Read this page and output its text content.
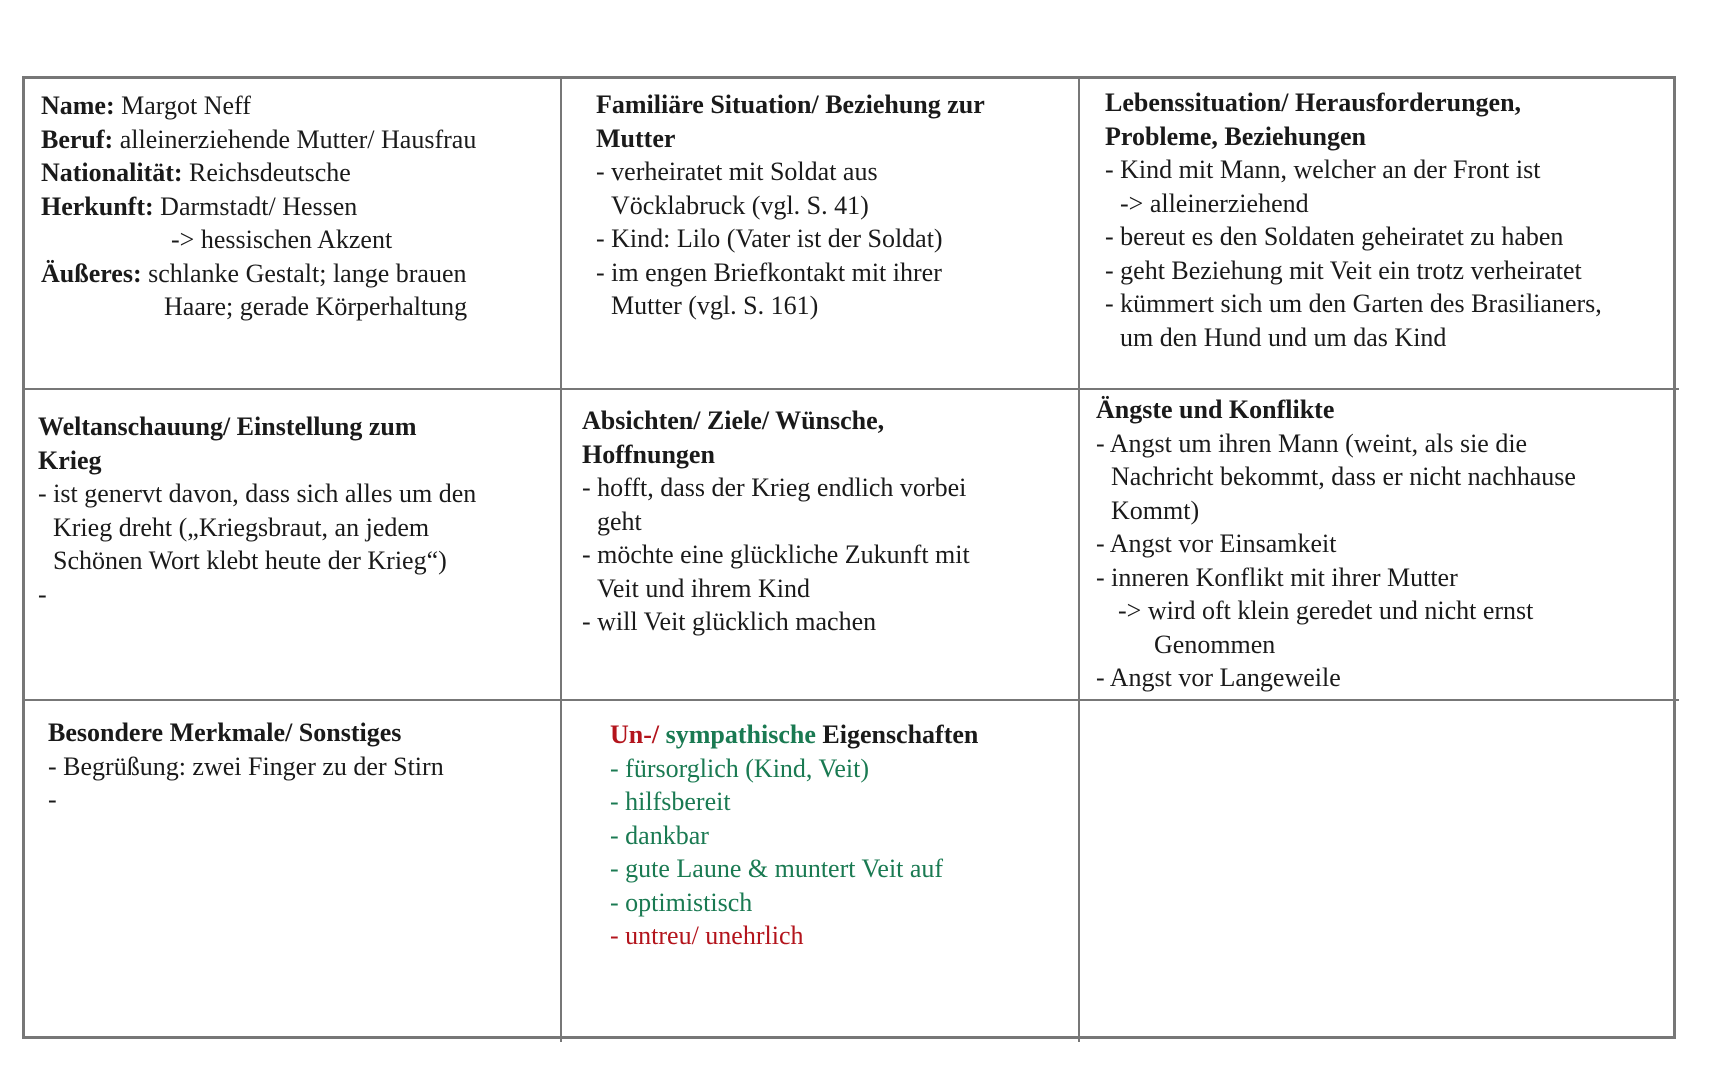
Name: Margot Neff
Beruf: alleinerziehende Mutter/ Hausfrau
Nationalität: Reichsdeutsche
Herkunft: Darmstadt/ Hessen
-> hessischen Akzent
Äußeres: schlanke Gestalt; lange brauen
Haare; gerade Körperhaltung
Familiäre Situation/ Beziehung zur
Mutter
- verheiratet mit Soldat aus
Vöcklabruck (vgl. S. 41)
- Kind: Lilo (Vater ist der Soldat)
- im engen Briefkontakt mit ihrer
Mutter (vgl. S. 161)
Lebenssituation/ Herausforderungen,
Probleme, Beziehungen
- Kind mit Mann, welcher an der Front ist
-> alleinerziehend
- bereut es den Soldaten geheiratet zu haben
- geht Beziehung mit Veit ein trotz verheiratet
- kümmert sich um den Garten des Brasilianers,
um den Hund und um das Kind
Weltanschauung/ Einstellung zum
Krieg
- ist genervt davon, dass sich alles um den
Krieg dreht („Kriegsbraut, an jedem
Schönen Wort klebt heute der Krieg“)
-
Absichten/ Ziele/ Wünsche,
Hoffnungen
- hofft, dass der Krieg endlich vorbei
geht
- möchte eine glückliche Zukunft mit
Veit und ihrem Kind
- will Veit glücklich machen
Ängste und Konflikte
- Angst um ihren Mann (weint, als sie die
Nachricht bekommt, dass er nicht nachhause
Kommt)
- Angst vor Einsamkeit
- inneren Konflikt mit ihrer Mutter
-> wird oft klein geredet und nicht ernst
Genommen
- Angst vor Langeweile
Besondere Merkmale/ Sonstiges
- Begrüßung: zwei Finger zu der Stirn
-
Un-/ sympathische Eigenschaften
- fürsorglich (Kind, Veit)
- hilfsbereit
- dankbar
- gute Laune & muntert Veit auf
- optimistisch
- untreu/ unehrlich
